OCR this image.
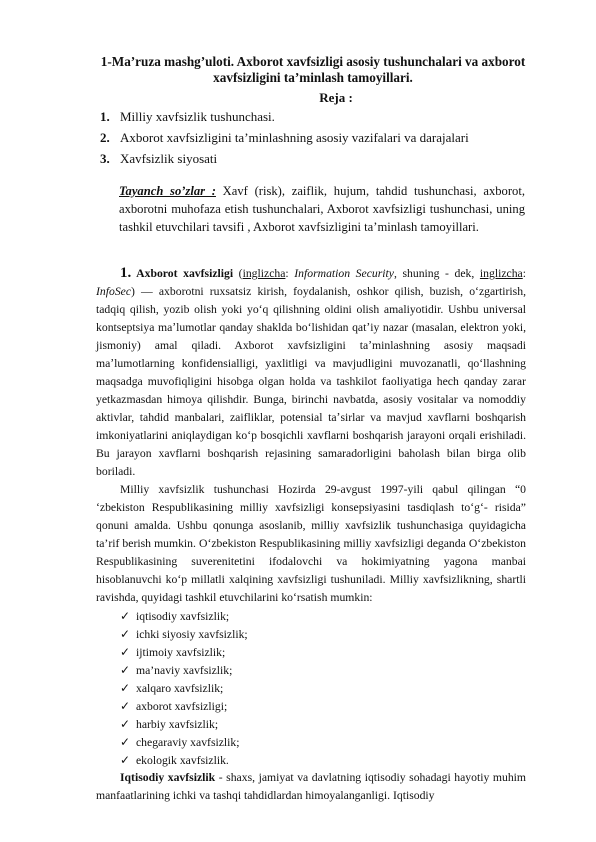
1-Ma’ruza mashg’uloti. Axborot xavfsizligi asosiy tushunchalari va axborot xavfsizligini ta’minlash tamoyillari.
Reja :
1. Milliy xavfsizlik tushunchasi.
2. Axborot xavfsizligini ta’minlashning asosiy vazifalari va darajalari
3. Xavfsizlik siyosati
Tayanch so’zlar : Xavf (risk), zaiflik, hujum, tahdid tushunchasi, axborot, axborotni muhofaza etish tushunchalari, Axborot xavfsizligi tushunchasi, uning tashkil etuvchilari tavsifi , Axborot xavfsizligini ta’minlash tamoyillari.

1. Axborot xavfsizligi (inglizcha: Information Security, shuning - dek, inglizcha: InfoSec) — axborotni ruxsatsiz kirish, foydalanish, oshkor qilish, buzish, oʻzgartirish, tadqiq qilish, yozib olish yoki yoʻq qilishning oldini olish amaliyotidir. Ushbu universal kontseptsiya maʼlumotlar qanday shaklda boʻlishidan qatʼiy nazar (masalan, elektron yoki, jismoniy) amal qiladi. Axborot xavfsizligini taʼminlashning asosiy maqsadi maʼlumotlarning konfidensialligi, yaxlitligi va mavjudligini muvozanatli, qoʻllashning maqsadga muvofiqligini hisobga olgan holda va tashkilot faoliyatiga hech qanday zarar yetkazmasdan himoya qilishdir. Bunga, birinchi navbatda, asosiy vositalar va nomoddiy aktivlar, tahdid manbalari, zaifliklar, potensial taʼsirlar va mavjud xavflarni boshqarish imkoniyatlarini aniqlaydigan koʻp bosqichli xavflarni boshqarish jarayoni orqali erishiladi. Bu jarayon xavflarni boshqarish rejasining samaradorligini baholash bilan birga olib boriladi.

Milliy xavfsizlik tushunchasi Hozirda 29-avgust 1997-yili qabul qilingan “0 ‘zbekiston Respublikasining milliy xavfsizligi konsepsiyasini tasdiqlash to‘g‘- risida” qonuni amalda. Ushbu qonunga asoslanib, milliy xavfsizlik tushunchasiga quyidagicha ta’rif berish mumkin. O‘zbekiston Respublikasining milliy xavfsizligi deganda O‘zbekiston Respublikasining suverenitetini ifodalovchi va hokimiyatning yagona manbai hisoblanuvchi ko‘p millatli xalqining xavfsizligi tushuniladi. Milliy xavfsizlikning, shartli ravishda, quyidagi tashkil etuvchilarini ko‘rsatish mumkin:

✓ iqtisodiy xavfsizlik;
✓ ichki siyosiy xavfsizlik;
✓ ijtimoiy xavfsizlik;
✓ ma’naviy xavfsizlik;
✓ xalqaro xavfsizlik;
✓ axborot xavfsizligi;
✓ harbiy xavfsizlik;
✓ chegaraviy xavfsizlik;
✓ ekologik xavfsizlik.

Iqtisodiy xavfsizlik - shaxs, jamiyat va davlatning iqtisodiy sohadagi hayotiy muhim manfaatlarining ichki va tashqi tahdidlardan himoyalanganligi. Iqtisodiy
